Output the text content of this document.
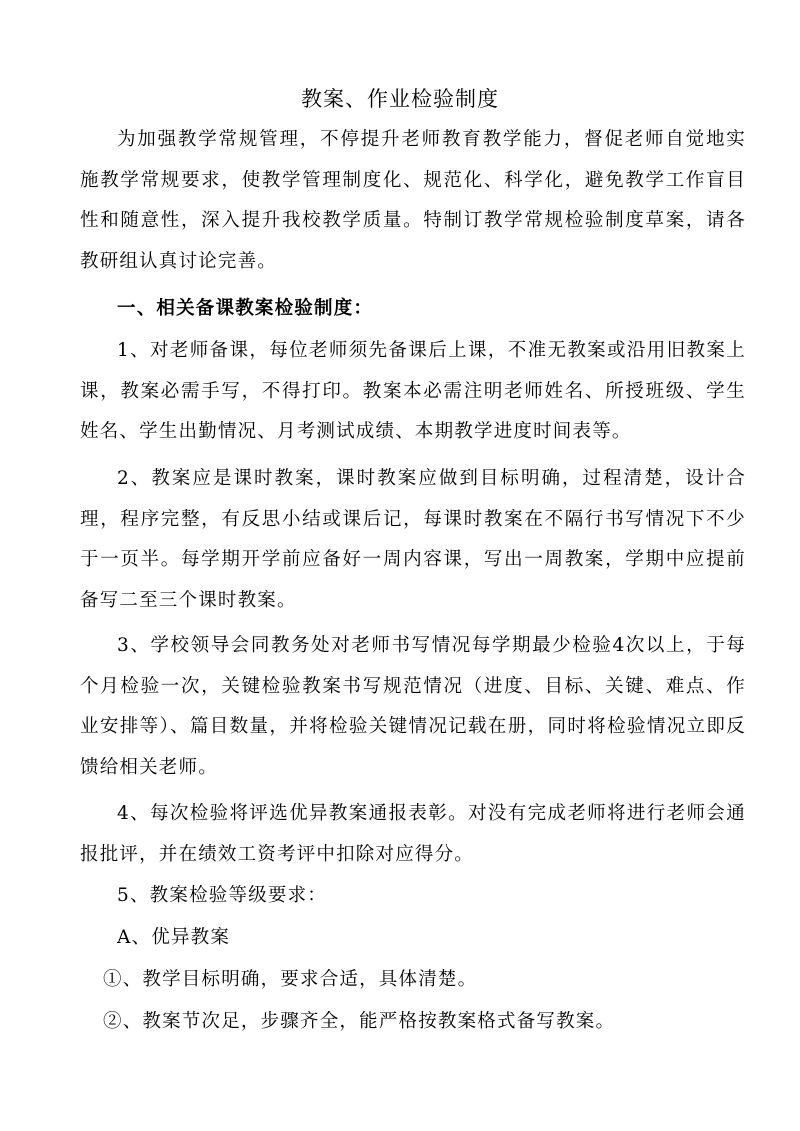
教案、作业检验制度

为加强教学常规管理，不停提升老师教育教学能力，督促老师自觉地实施教学常规要求，使教学管理制度化、规范化、科学化，避免教学工作盲目性和随意性，深入提升我校教学质量。特制订教学常规检验制度草案，请各教研组认真讨论完善。

一、相关备课教案检验制度：

1、对老师备课，每位老师须先备课后上课，不准无教案或沿用旧教案上课，教案必需手写，不得打印。教案本必需注明老师姓名、所授班级、学生姓名、学生出勤情况、月考测试成绩、本期教学进度时间表等。

2、教案应是课时教案，课时教案应做到目标明确，过程清楚，设计合理，程序完整，有反思小结或课后记，每课时教案在不隔行书写情况下不少于一页半。每学期开学前应备好一周内容课，写出一周教案，学期中应提前备写二至三个课时教案。

3、学校领导会同教务处对老师书写情况每学期最少检验4次以上，于每个月检验一次，关键检验教案书写规范情况（进度、目标、关键、难点、作业安排等）、篇目数量，并将检验关键情况记载在册，同时将检验情况立即反馈给相关老师。

4、每次检验将评选优异教案通报表彰。对没有完成老师将进行老师会通报批评，并在绩效工资考评中扣除对应得分。

5、教案检验等级要求：

A、优异教案

①、教学目标明确，要求合适，具体清楚。

②、教案节次足，步骤齐全，能严格按教案格式备写教案。
